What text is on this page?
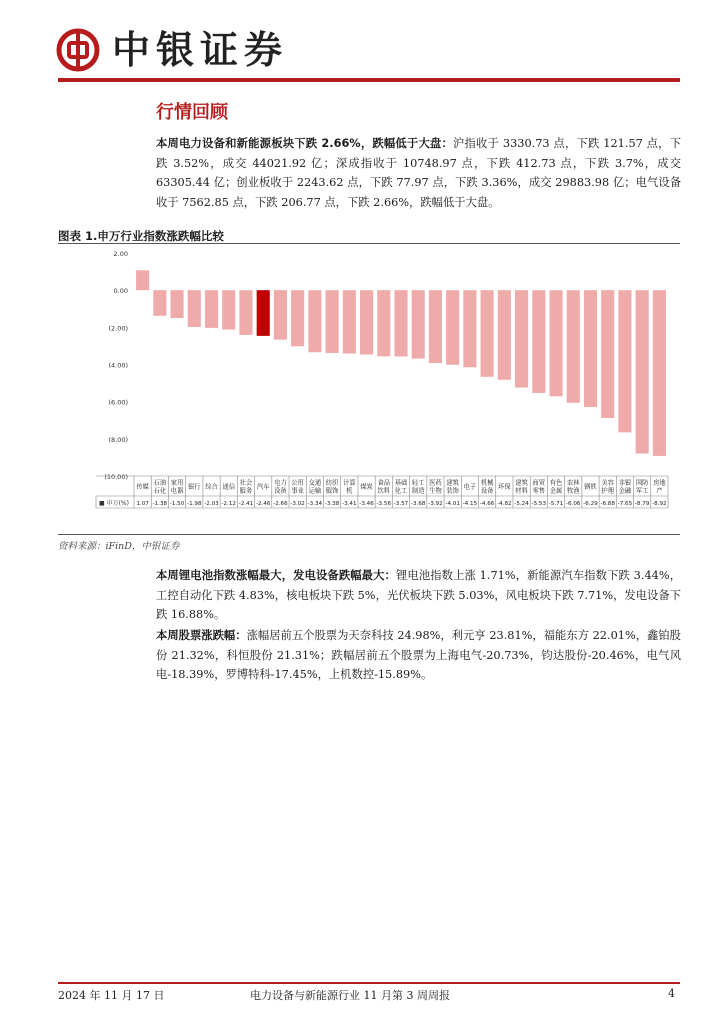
中银证券
行情回顾
本周电力设备和新能源板块下跌 2.66%，跌幅低于大盘：沪指收于 3330.73 点，下跌 121.57 点，下跌 3.52%，成交 44021.92 亿；深成指收于 10748.97 点，下跌 412.73 点，下跌 3.7%，成交 63305.44 亿；创业板收于 2243.62 点，下跌 77.97 点，下跌 3.36%，成交 29883.98 亿；电气设备收于 7562.85 点，下跌 206.77 点，下跌 2.66%，跌幅低于大盘。
图表 1.申万行业指数涨跌幅比较
2.00
0.00
(2.00)
(4.00)
(6.00)
(8.00)
(10.00)
■ 申万(%)
传媒
石油石化
家用电器
银行 综合 通信
社会服务
汽车
电力设备
公用事业
交通运输
纺织服饰
计算机
煤炭
食品饮料
基础化工
轻工制造
医药生物
建筑装饰
电子
机械设备
环保
建筑材料
商贸零售
有色金属
农林牧渔
钢铁
美容护理
非银金融
国防军工
房地产
1.07 -1.38 -1.50 -1.98 -2.03 -2.12 -2.41 -2.46 -2.66 -3.02 -3.34 -3.38 -3.41 -3.46 -3.56 -3.57 -3.68 -3.92 -4.01 -4.15 -4.66 -4.82 -5.24 -5.53 -5.71 -6.06 -6.29 -6.88 -7.65 -8.79 -8.92
资料来源：iFinD，中银证券
本周锂电池指数涨幅最大，发电设备跌幅最大：锂电池指数上涨 1.71%，新能源汽车指数下跌 3.44%，工控自动化下跌 4.83%，核电板块下跌 5%，光伏板块下跌 5.03%，风电板块下跌 7.71%，发电设备下跌 16.88%。
本周股票涨跌幅：涨幅居前五个股票为天奈科技 24.98%，利元亨 23.81%，福能东方 22.01%，鑫铂股份 21.32%，科恒股份 21.31%；跌幅居前五个股票为上海电气-20.73%，钧达股份-20.46%，电气风电-18.39%，罗博特科-17.45%，上机数控-15.89%。
2024 年 11 月 17 日	电力设备与新能源行业 11 月第 3 周周报	4
